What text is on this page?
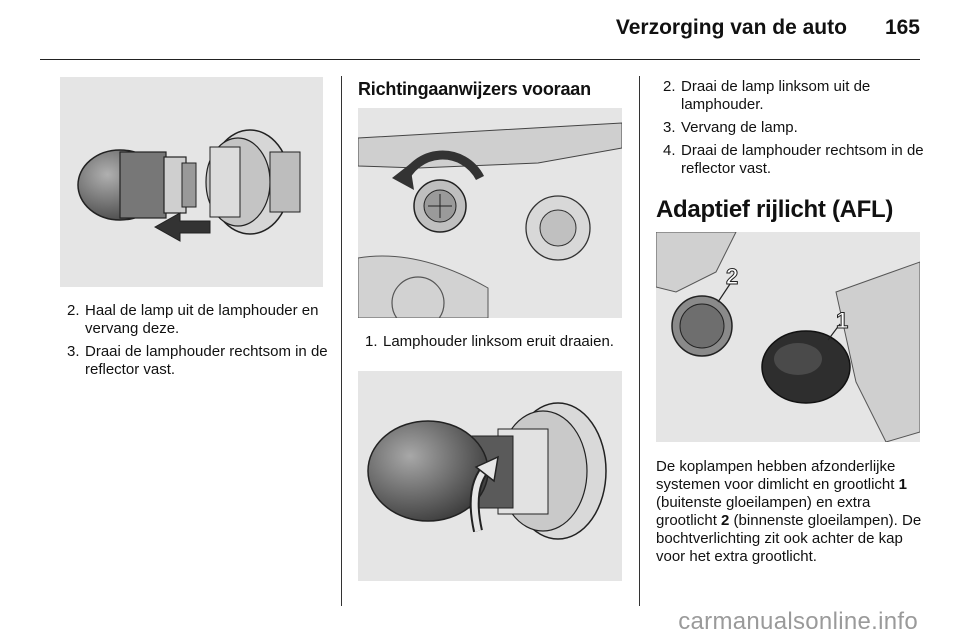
Verzorging van de auto 165
2. Haal de lamp uit de lamphouder en vervang deze.
3. Draai de lamphouder rechtsom in de reflector vast.
Richtingaanwijzers vooraan
1. Lamphouder linksom eruit draaien.
2. Draai de lamp linksom uit de lamphouder.
3. Vervang de lamp.
4. Draai de lamphouder rechtsom in de reflector vast.
Adaptief rijlicht (AFL)
2
1

De koplampen hebben afzonderlijke systemen voor dimlicht en grootlicht 1 (buitenste gloeilampen) en extra grootlicht 2 (binnenste gloeilampen). De bochtverlichting zit ook achter de kap voor het extra grootlicht.

carmanualsonline.info
